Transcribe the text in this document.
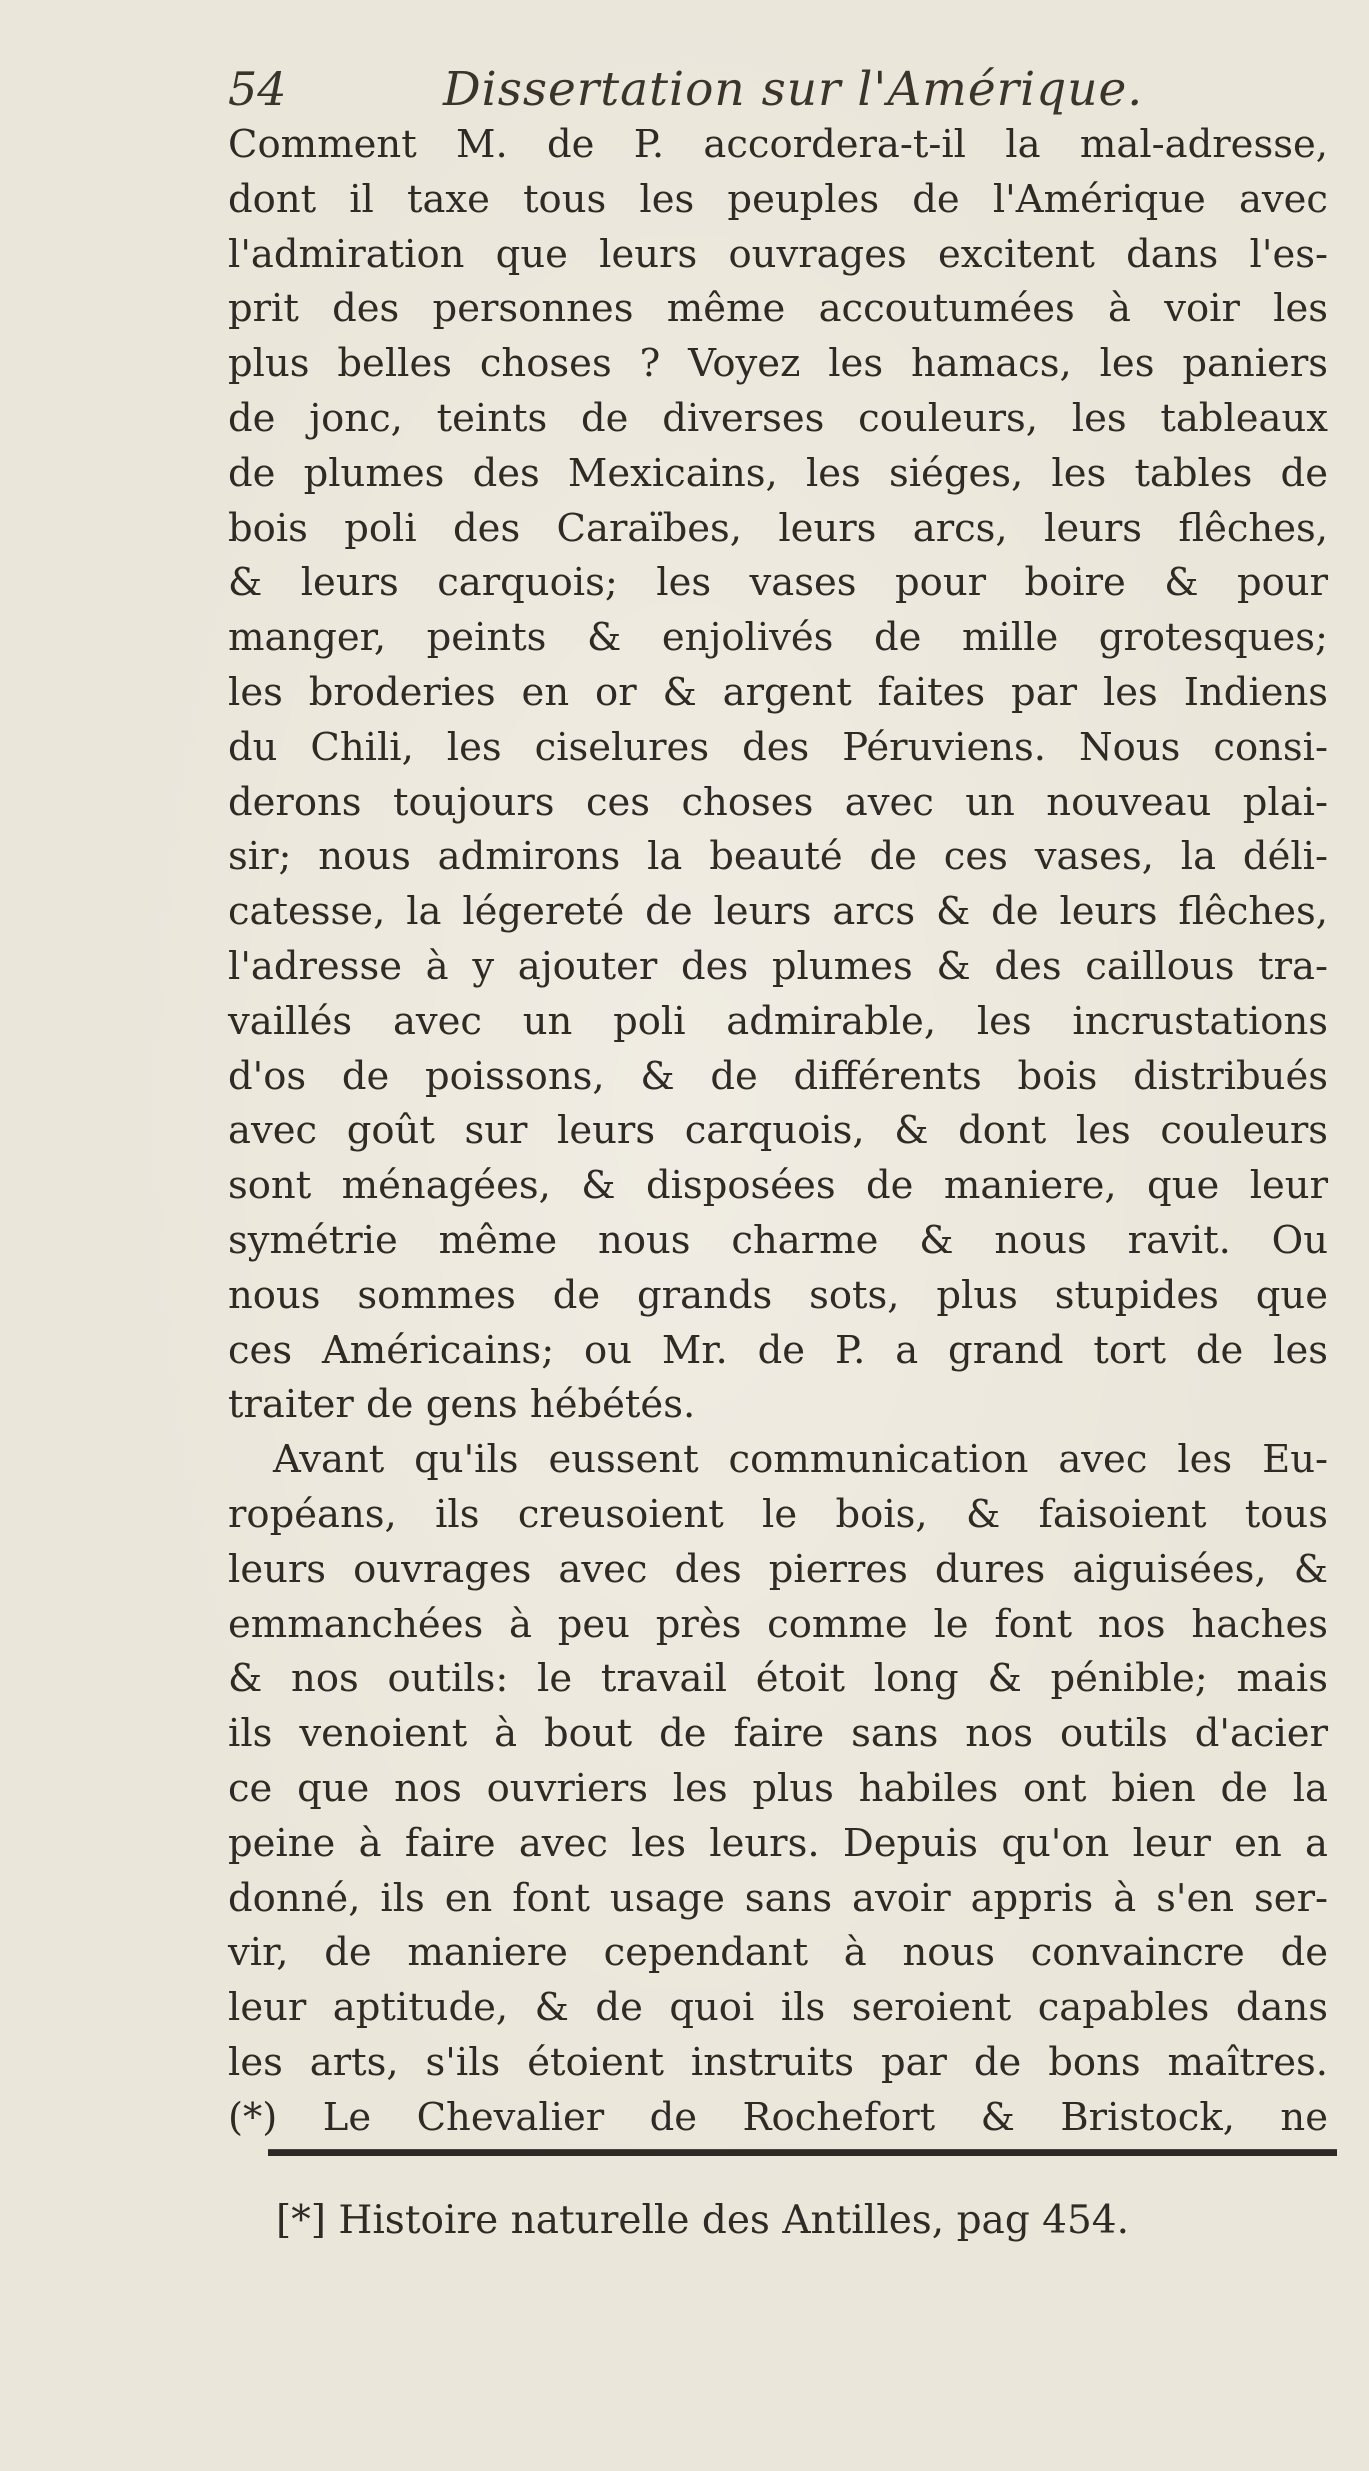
54	Dissertation sur l'Amérique.
Comment M. de P. accordera-t-il la mal-adresse,
dont il taxe tous les peuples de l'Amérique avec
l'admiration que leurs ouvrages excitent dans l'es-
prit des personnes même accoutumées à voir les
plus belles choses ? Voyez les hamacs, les paniers
de jonc, teints de diverses couleurs, les tableaux
de plumes des Mexicains, les siéges, les tables de
bois poli des Caraïbes, leurs arcs, leurs flêches,
& leurs carquois; les vases pour boire & pour
manger, peints & enjolivés de mille grotesques;
les broderies en or & argent faites par les Indiens
du Chili, les ciselures des Péruviens. Nous consi-
derons toujours ces choses avec un nouveau plai-
sir; nous admirons la beauté de ces vases, la déli-
catesse, la légereté de leurs arcs & de leurs flêches,
l'adresse à y ajouter des plumes & des caillous tra-
vaillés avec un poli admirable, les incrustations
d'os de poissons, & de différents bois distribués
avec goût sur leurs carquois, & dont les couleurs
sont ménagées, & disposées de maniere, que leur
symétrie même nous charme & nous ravit. Ou
nous sommes de grands sots, plus stupides que
ces Américains; ou Mr. de P. a grand tort de les
traiter de gens hébétés.
Avant qu'ils eussent communication avec les Eu-
ropéans, ils creusoient le bois, & faisoient tous
leurs ouvrages avec des pierres dures aiguisées, &
emmanchées à peu près comme le font nos haches
& nos outils: le travail étoit long & pénible; mais
ils venoient à bout de faire sans nos outils d'acier
ce que nos ouvriers les plus habiles ont bien de la
peine à faire avec les leurs. Depuis qu'on leur en a
donné, ils en font usage sans avoir appris à s'en ser-
vir, de maniere cependant à nous convaincre de
leur aptitude, & de quoi ils seroient capables dans
les arts, s'ils étoient instruits par de bons maîtres.
(*) Le Chevalier de Rochefort & Bristock, ne
[*] Histoire naturelle des Antilles, pag 454.
